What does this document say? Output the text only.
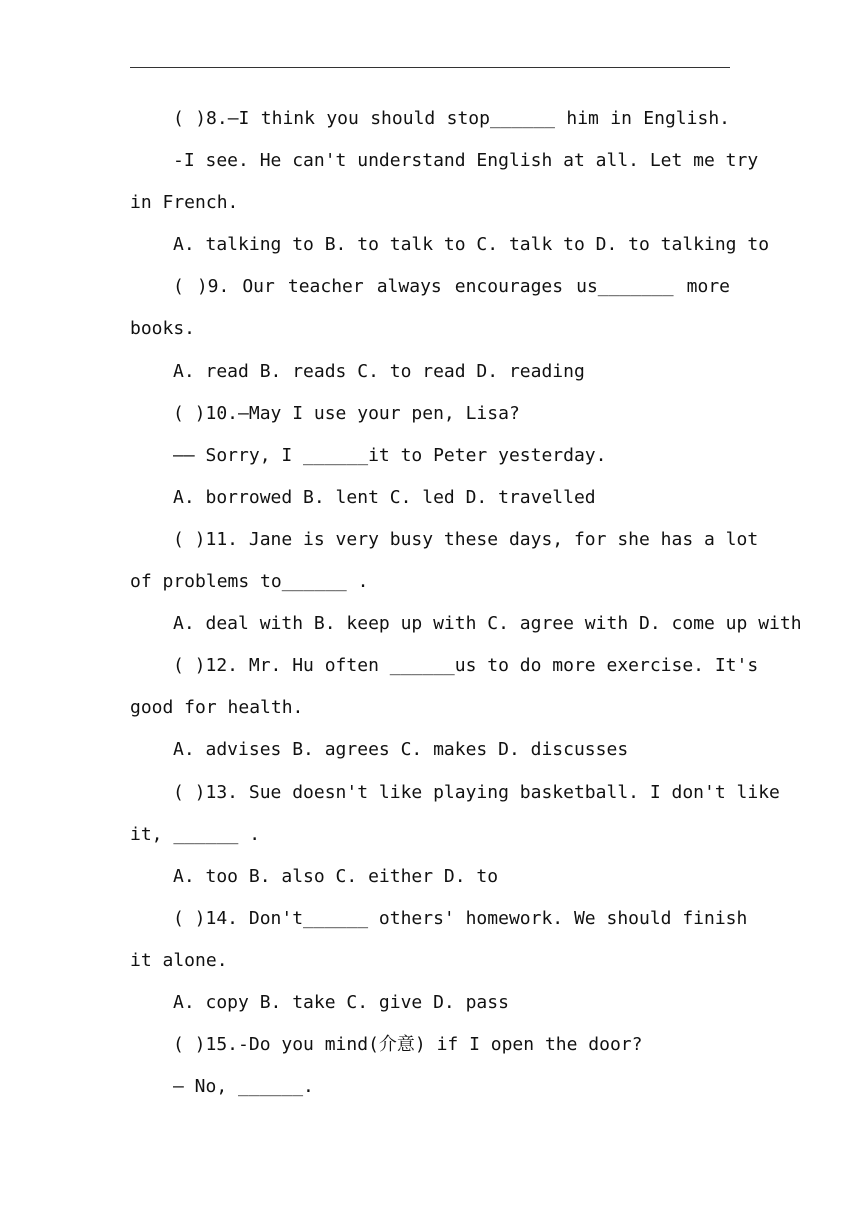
( )8.—I think you should stop______ him in English.
-I see. He can't understand English at all. Let me try
in French.
A. talking to B. to talk to C. talk to D. to talking to
( )9. Our teacher always encourages us_______ more
books.
A. read B. reads C. to read D. reading
( )10.—May I use your pen, Lisa?
—— Sorry, I ______it to Peter yesterday.
A. borrowed B. lent C. led D. travelled
( )11. Jane is very busy these days, for she has a lot
of problems to______ .
A. deal with B. keep up with C. agree with D. come up with
( )12. Mr. Hu often ______us to do more exercise. It's
good for health.
A. advises B. agrees C. makes D. discusses
( )13. Sue doesn't like playing basketball. I don't like
it, ______ .
A. too B. also C. either D. to
( )14. Don't______ others' homework. We should finish
it alone.
A. copy B. take C. give D. pass
( )15.-Do you mind(介意) if I open the door?
— No, ______.
